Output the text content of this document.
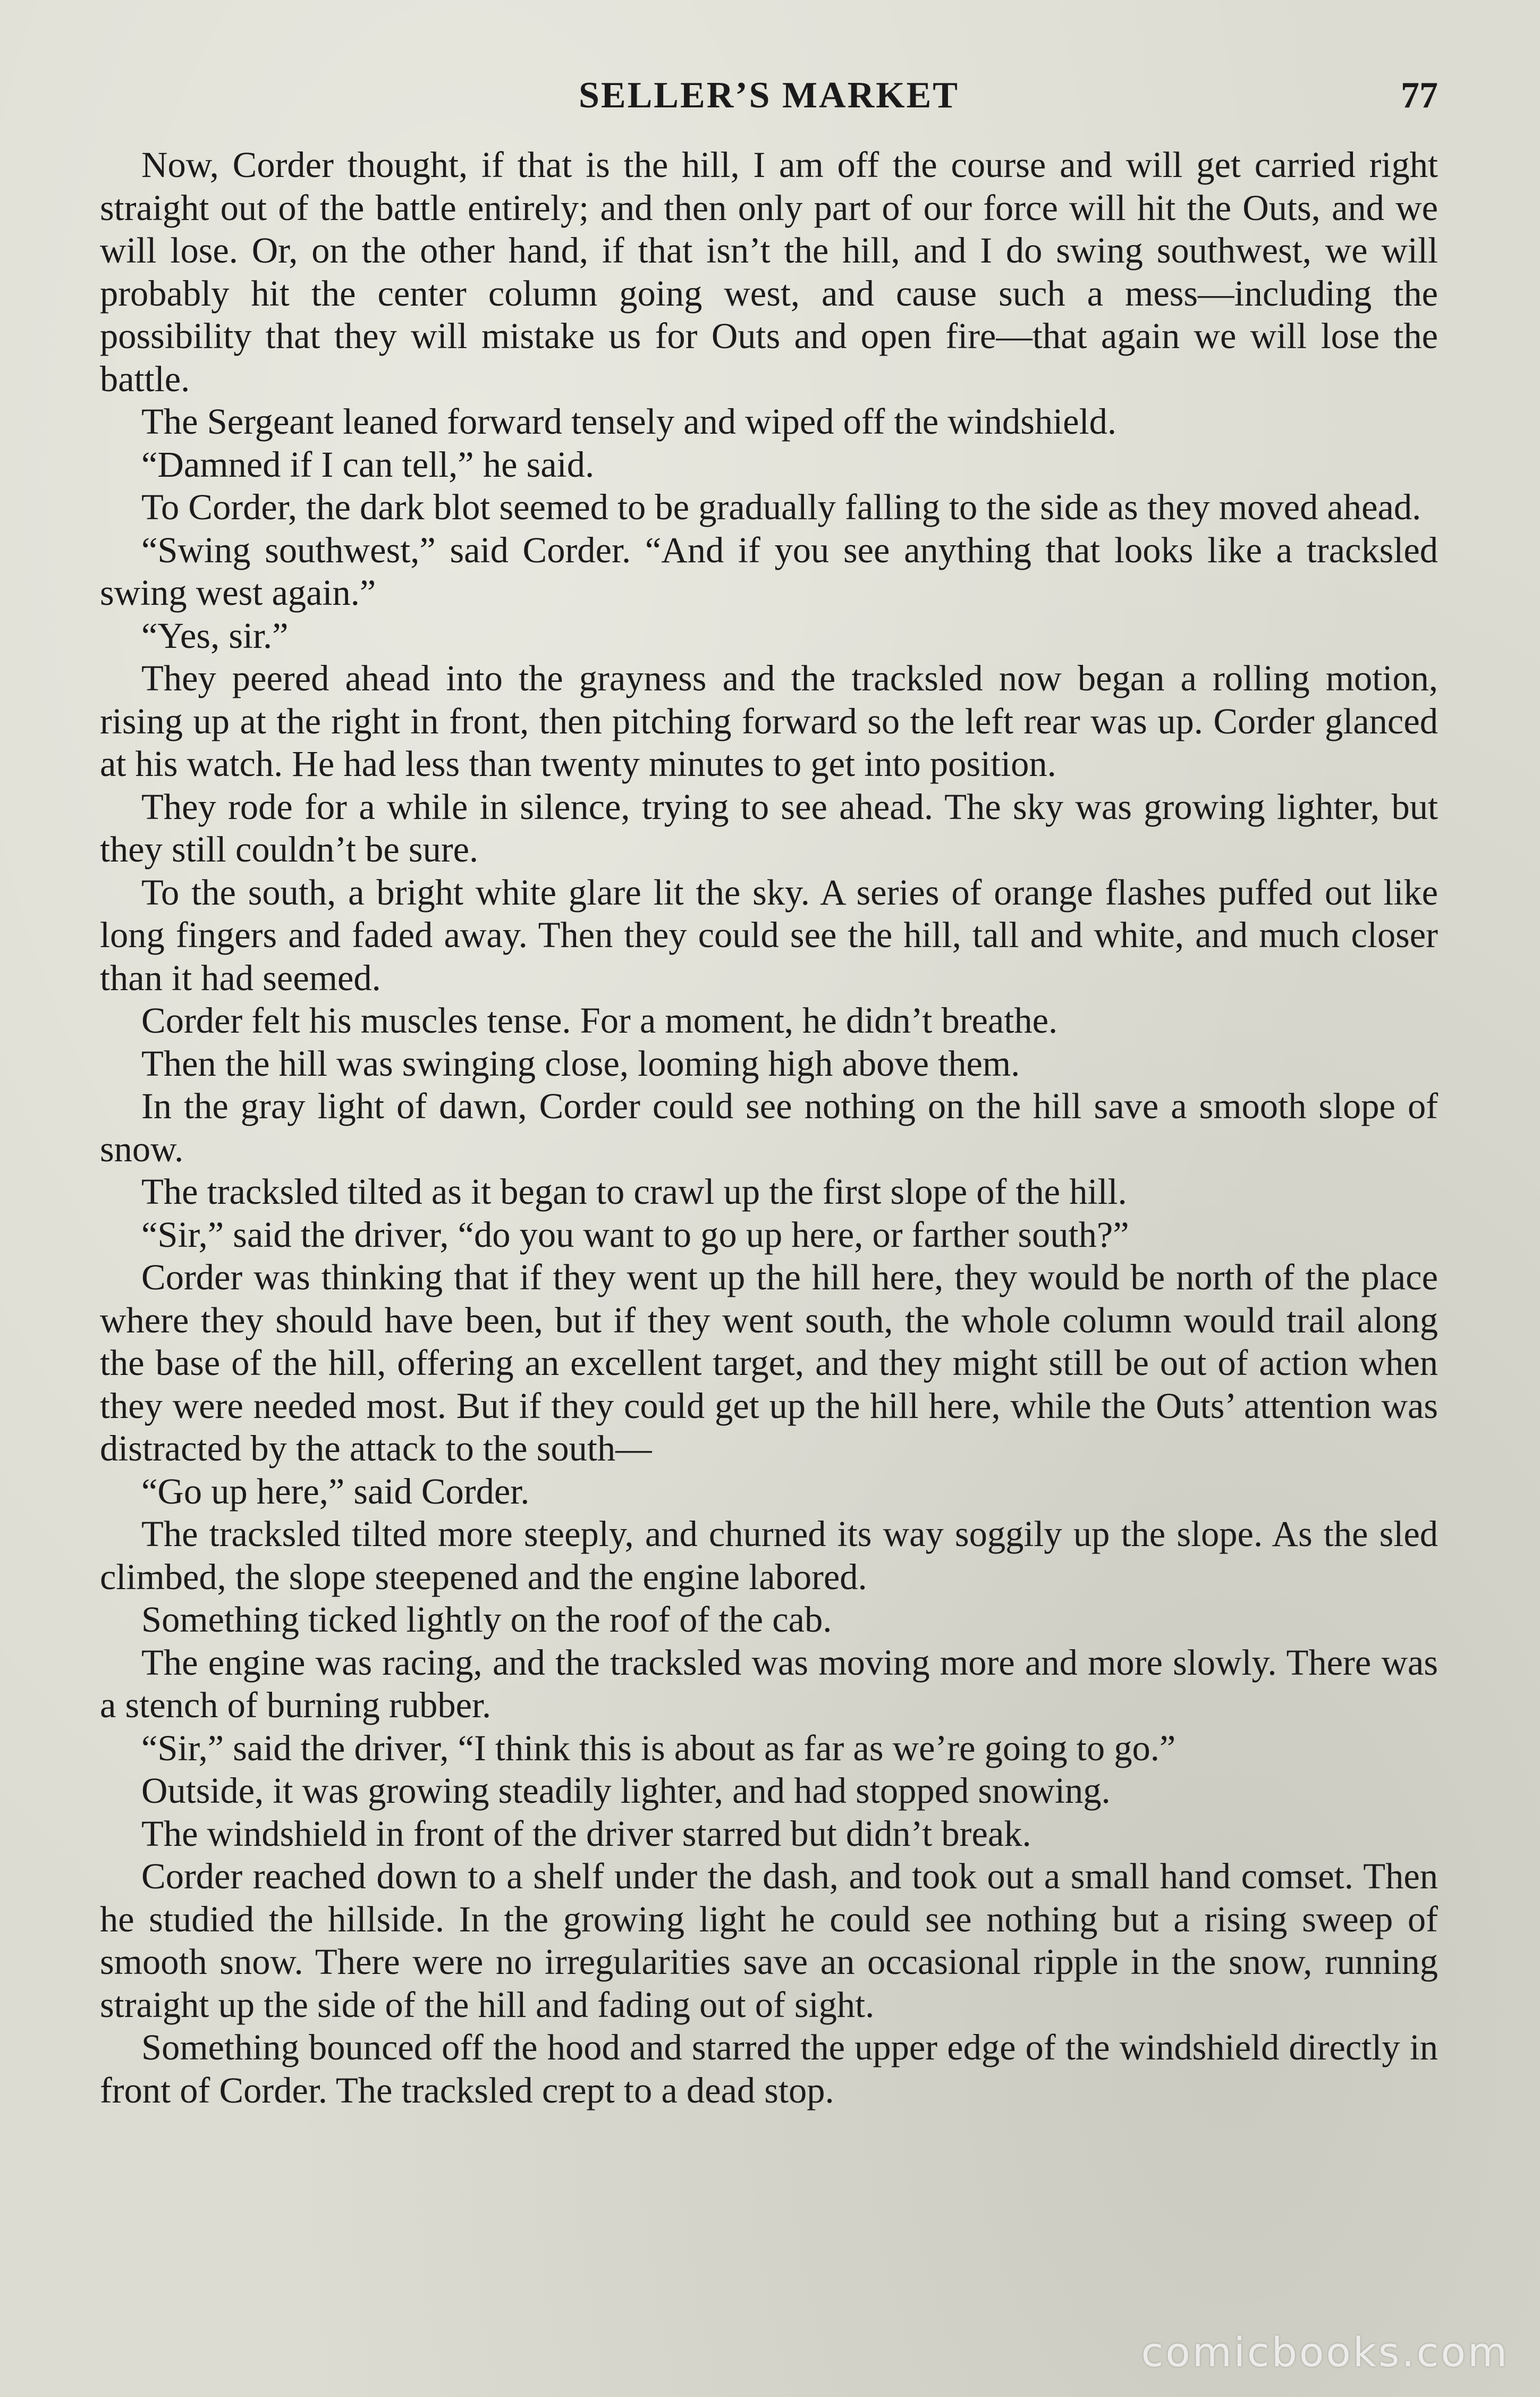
SELLER’S MARKET	77

Now, Corder thought, if that is the hill, I am off the course and will get carried right straight out of the battle entirely; and then only part of our force will hit the Outs, and we will lose. Or, on the other hand, if that isn’t the hill, and I do swing southwest, we will probably hit the center column going west, and cause such a mess—including the possibility that they will mistake us for Outs and open fire—that again we will lose the battle.

The Sergeant leaned forward tensely and wiped off the windshield.

“Damned if I can tell,” he said.

To Corder, the dark blot seemed to be gradually falling to the side as they moved ahead.

“Swing southwest,” said Corder. “And if you see anything that looks like a tracksled swing west again.”

“Yes, sir.”

They peered ahead into the grayness and the tracksled now began a rolling motion, rising up at the right in front, then pitching forward so the left rear was up. Corder glanced at his watch. He had less than twenty minutes to get into position.

They rode for a while in silence, trying to see ahead. The sky was growing lighter, but they still couldn’t be sure.

To the south, a bright white glare lit the sky. A series of orange flashes puffed out like long fingers and faded away. Then they could see the hill, tall and white, and much closer than it had seemed.

Corder felt his muscles tense. For a moment, he didn’t breathe.

Then the hill was swinging close, looming high above them.

In the gray light of dawn, Corder could see nothing on the hill save a smooth slope of snow.

The tracksled tilted as it began to crawl up the first slope of the hill.

“Sir,” said the driver, “do you want to go up here, or farther south?”

Corder was thinking that if they went up the hill here, they would be north of the place where they should have been, but if they went south, the whole column would trail along the base of the hill, offering an excellent target, and they might still be out of action when they were needed most. But if they could get up the hill here, while the Outs’ attention was distracted by the attack to the south—

“Go up here,” said Corder.

The tracksled tilted more steeply, and churned its way soggily up the slope. As the sled climbed, the slope steepened and the engine labored.

Something ticked lightly on the roof of the cab.

The engine was racing, and the tracksled was moving more and more slowly. There was a stench of burning rubber.

“Sir,” said the driver, “I think this is about as far as we’re going to go.”

Outside, it was growing steadily lighter, and had stopped snowing.

The windshield in front of the driver starred but didn’t break.

Corder reached down to a shelf under the dash, and took out a small hand comset. Then he studied the hillside. In the growing light he could see nothing but a rising sweep of smooth snow. There were no irregularities save an occasional ripple in the snow, running straight up the side of the hill and fading out of sight.

Something bounced off the hood and starred the upper edge of the windshield directly in front of Corder. The tracksled crept to a dead stop.

comicbooks.com
